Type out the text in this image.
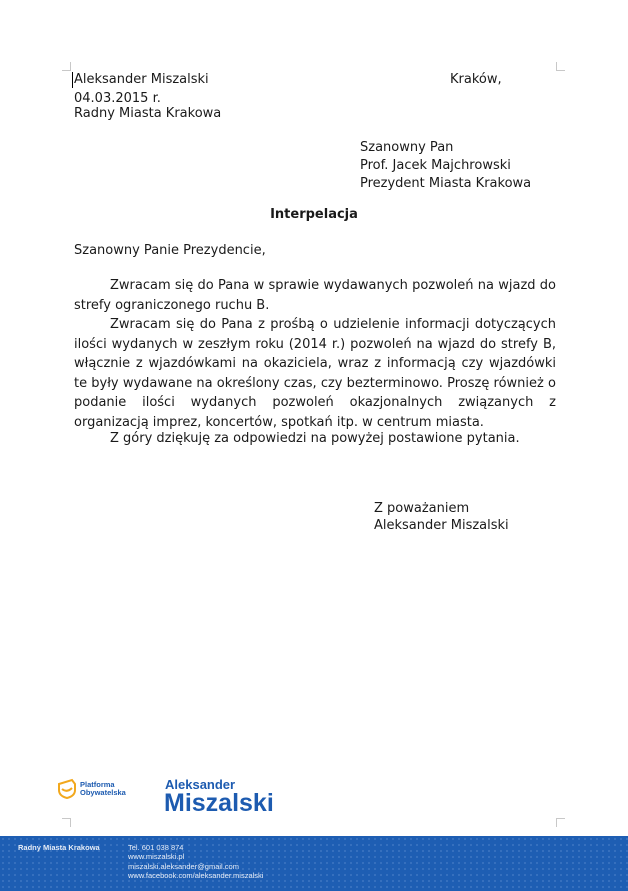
Aleksander Miszalski
04.03.2015 r.
Radny Miasta Krakowa
Kraków,
Szanowny Pan
Prof. Jacek Majchrowski
Prezydent Miasta Krakowa
Interpelacja
Szanowny Panie Prezydencie,

Zwracam się do Pana w sprawie wydawanych pozwoleń na wjazd do strefy ograniczonego ruchu B.

Zwracam się do Pana z prośbą o udzielenie informacji dotyczących ilości wydanych w zeszłym roku (2014 r.) pozwoleń na wjazd do strefy B, włącznie z wjazdówkami na okaziciela, wraz z informacją czy wjazdówki te były wydawane na określony czas, czy bezterminowo. Proszę również o podanie ilości wydanych pozwoleń okazjonalnych związanych z organizacją imprez, koncertów, spotkań itp. w centrum miasta.

Z góry dziękuję za odpowiedzi na powyżej postawione pytania.
Z poważaniem
Aleksander Miszalski
Platforma
Obywatelska
Aleksander
Miszalski
Radny Miasta Krakowa	Tel. 601 038 874
www.miszalski.pl
miszalski.aleksander@gmail.com
www.facebook.com/aleksander.miszalski
